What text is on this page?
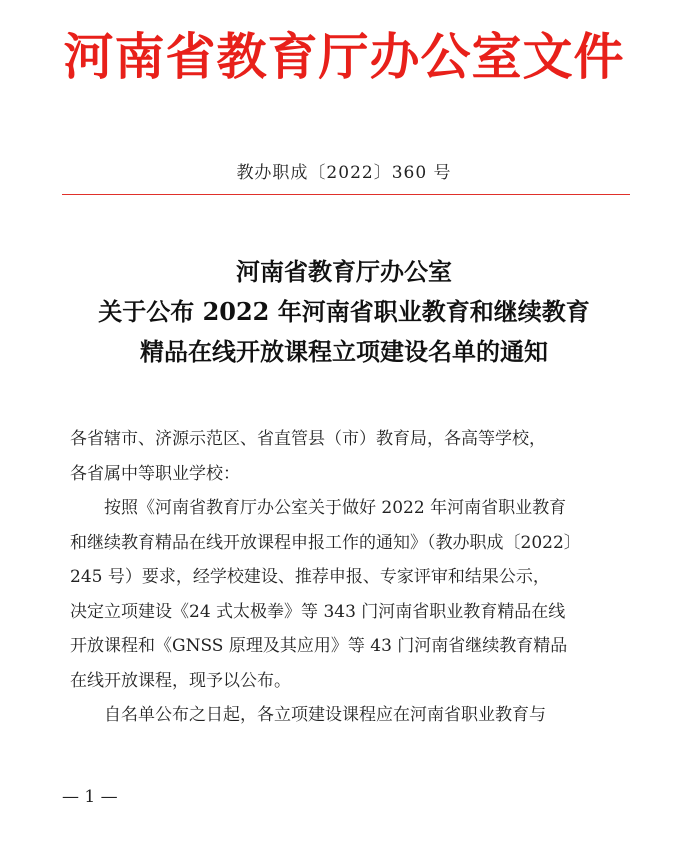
河南省教育厅办公室文件
教办职成〔2022〕360 号
河南省教育厅办公室
关于公布 2022 年河南省职业教育和继续教育
精品在线开放课程立项建设名单的通知
各省辖市、济源示范区、省直管县（市）教育局，各高等学校，
各省属中等职业学校：
按照《河南省教育厅办公室关于做好 2022 年河南省职业教育
和继续教育精品在线开放课程申报工作的通知》（教办职成〔2022〕
245 号）要求，经学校建设、推荐申报、专家评审和结果公示，
决定立项建设《24 式太极拳》等 343 门河南省职业教育精品在线
开放课程和《GNSS 原理及其应用》等 43 门河南省继续教育精品
在线开放课程，现予以公布。
自名单公布之日起，各立项建设课程应在河南省职业教育与
— 1 —
